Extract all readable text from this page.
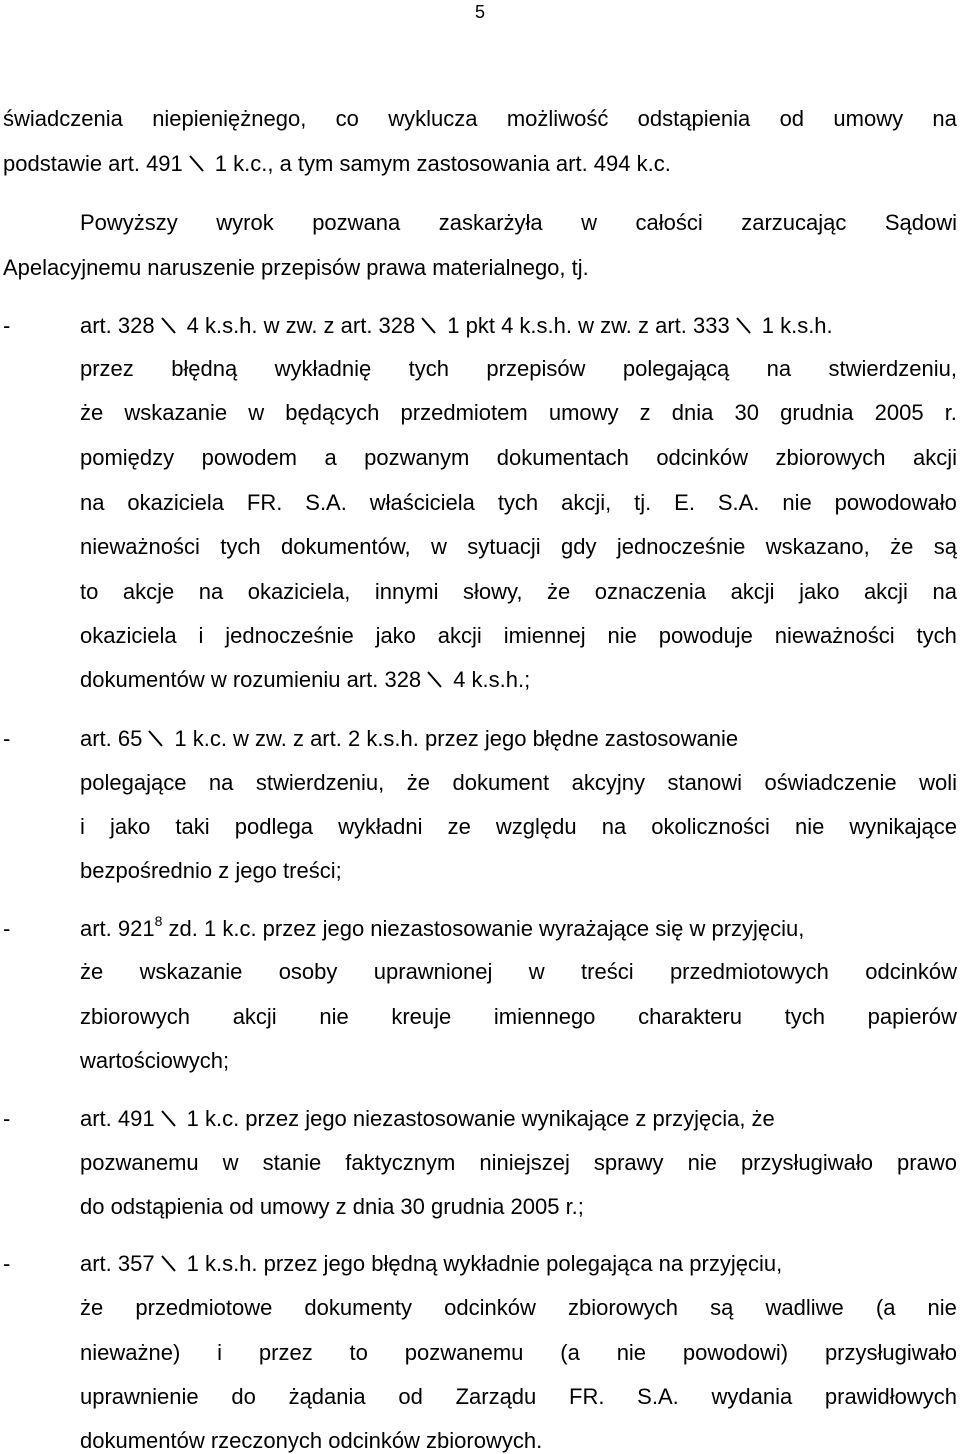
5
świadczenia niepieniężnego, co wyklucza możliwość odstąpienia od umowy na
podstawie art. 491 1 k.c., a tym samym zastosowania art. 494 k.c.
Powyższy wyrok pozwana zaskarżyła w całości zarzucając Sądowi
Apelacyjnemu naruszenie przepisów prawa materialnego, tj.
-	art. 328 4 k.s.h. w zw. z art. 328 1 pkt 4 k.s.h. w zw. z art. 333 1 k.s.h.
przez błędną wykładnię tych przepisów polegającą na stwierdzeniu,
że wskazanie w będących przedmiotem umowy z dnia 30 grudnia 2005 r.
pomiędzy powodem a pozwanym dokumentach odcinków zbiorowych akcji
na okaziciela FR. S.A. właściciela tych akcji, tj. E. S.A. nie powodowało
nieważności tych dokumentów, w sytuacji gdy jednocześnie wskazano, że są
to akcje na okaziciela, innymi słowy, że oznaczenia akcji jako akcji na
okaziciela i jednocześnie jako akcji imiennej nie powoduje nieważności tych
dokumentów w rozumieniu art. 328 4 k.s.h.;
-	art. 65 1 k.c. w zw. z art. 2 k.s.h. przez jego błędne zastosowanie
polegające na stwierdzeniu, że dokument akcyjny stanowi oświadczenie woli
i jako taki podlega wykładni ze względu na okoliczności nie wynikające
bezpośrednio z jego treści;
-	art. $921^8$ zd. 1 k.c. przez jego niezastosowanie wyrażające się w przyjęciu,
że wskazanie osoby uprawnionej w treści przedmiotowych odcinków
zbiorowych akcji nie kreuje imiennego charakteru tych papierów
wartościowych;
-	art. 491 1 k.c. przez jego niezastosowanie wynikające z przyjęcia, że
pozwanemu w stanie faktycznym niniejszej sprawy nie przysługiwało prawo
do odstąpienia od umowy z dnia 30 grudnia 2005 r.;
-	art. 357 1 k.s.h. przez jego błędną wykładnie polegająca na przyjęciu,
że przedmiotowe dokumenty odcinków zbiorowych są wadliwe (a nie
nieważne) i przez to pozwanemu (a nie powodowi) przysługiwało
uprawnienie do żądania od Zarządu FR. S.A. wydania prawidłowych
dokumentów rzeczonych odcinków zbiorowych.
